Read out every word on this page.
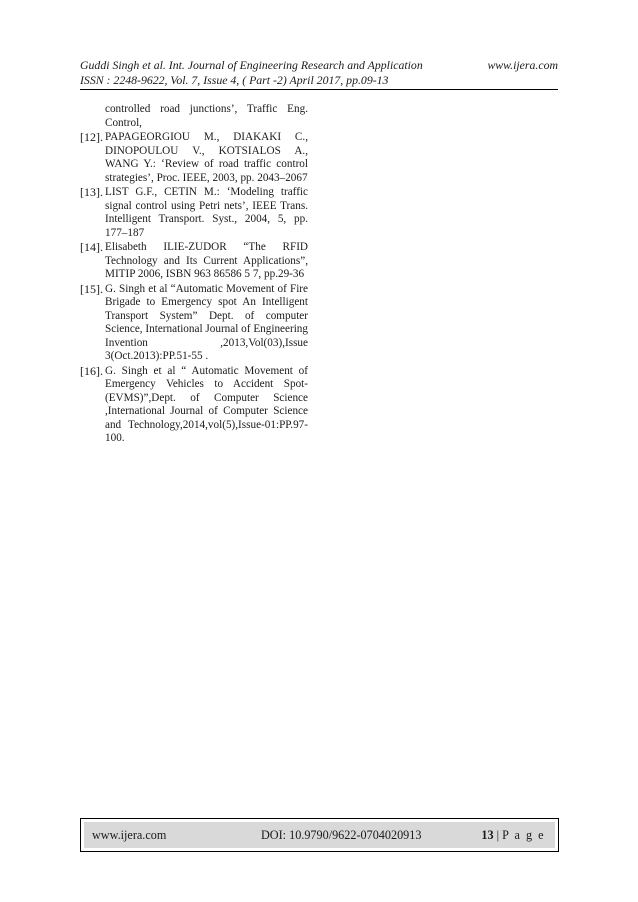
Guddi Singh et al. Int. Journal of Engineering Research and Application	www.ijera.com
ISSN : 2248-9622, Vol. 7, Issue 4, ( Part -2) April 2017, pp.09-13
controlled road junctions’, Traffic Eng. Control,
[12]. PAPAGEORGIOU M., DIAKAKI C., DINOPOULOU V., KOTSIALOS A., WANG Y.: ‘Review of road traffic control strategies’, Proc. IEEE, 2003, pp. 2043–2067
[13]. LIST G.F., CETIN M.: ‘Modeling traffic signal control using Petri nets’, IEEE Trans. Intelligent Transport. Syst., 2004, 5, pp. 177–187
[14]. Elisabeth ILIE-ZUDOR “The RFID Technology and Its Current Applications”, MITIP 2006, ISBN 963 86586 5 7, pp.29-36
[15]. G. Singh et al “Automatic Movement of Fire Brigade to Emergency spot An Intelligent Transport System” Dept. of computer Science, International Journal of Engineering Invention ,2013,Vol(03),Issue 3(Oct.2013):PP.51-55 .
[16]. G. Singh et al “ Automatic Movement of Emergency Vehicles to Accident Spot-(EVMS)”,Dept. of Computer Science ,International Journal of Computer Science and Technology,2014,vol(5),Issue-01:PP.97-100.
www.ijera.com	DOI: 10.9790/9622-0704020913	13 | P a g e
